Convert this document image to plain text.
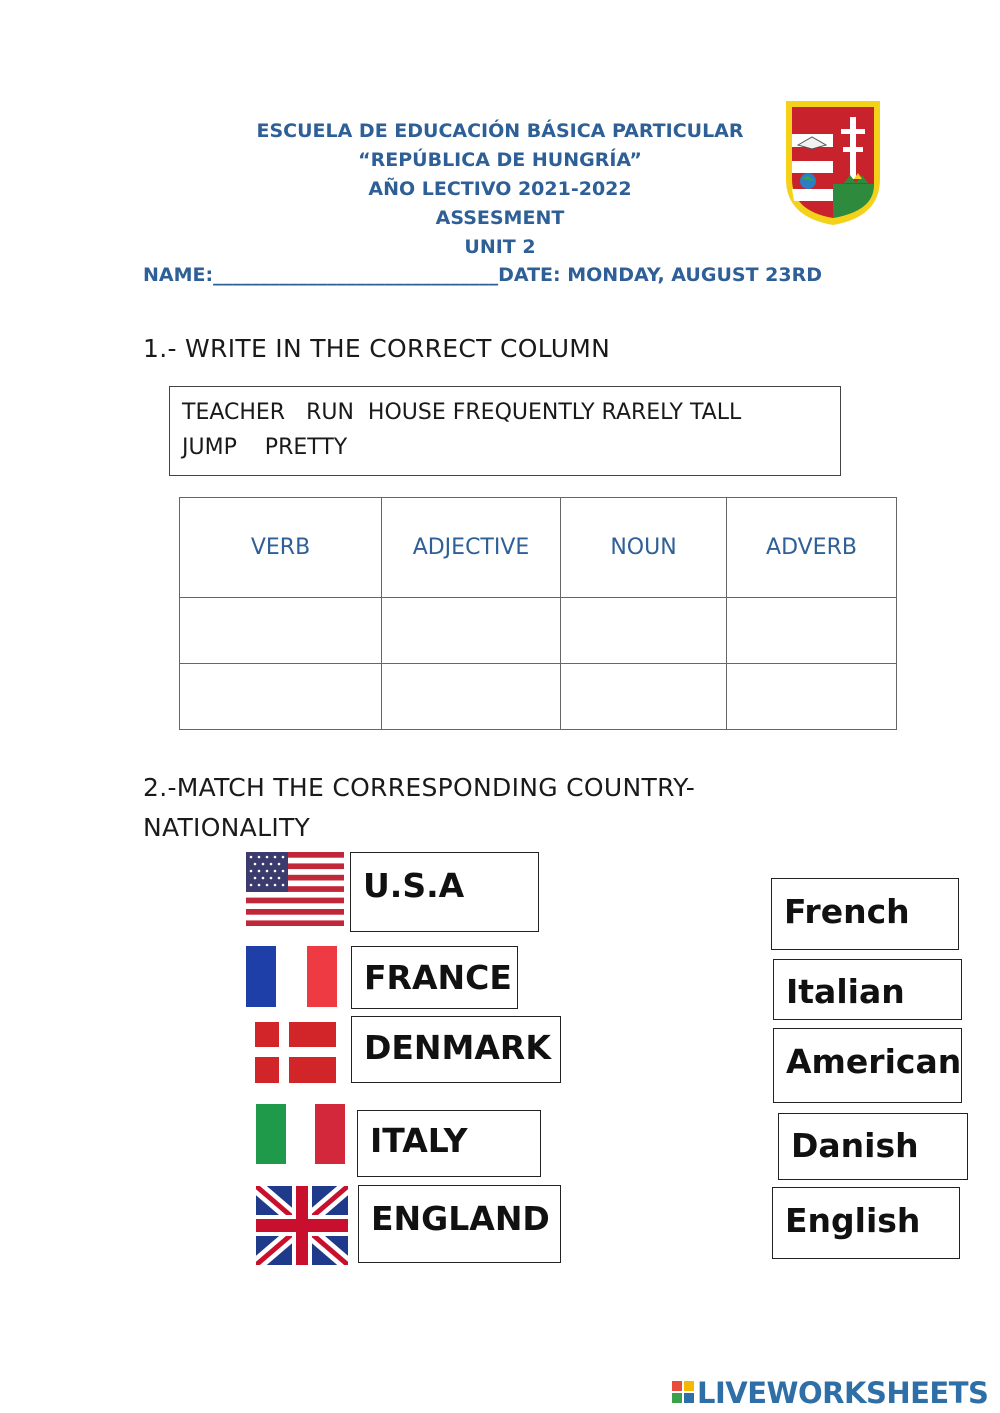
ESCUELA DE EDUCACIÓN BÁSICA PARTICULAR
“REPÚBLICA DE HUNGRÍA”
AÑO LECTIVO 2021-2022
ASSESMENT
UNIT 2
NAME:______________________________DATE: MONDAY, AUGUST 23RD
1.- WRITE IN THE CORRECT COLUMN
TEACHER   RUN  HOUSE FREQUENTLY RARELY TALL
JUMP    PRETTY
VERB	ADJECTIVE	NOUN	ADVERB

2.-MATCH THE CORRESPONDING COUNTRY-
NATIONALITY
U.S.A
FRANCE
DENMARK
ITALY
ENGLAND
French
Italian
American
Danish
English
LIVEWORKSHEETS
